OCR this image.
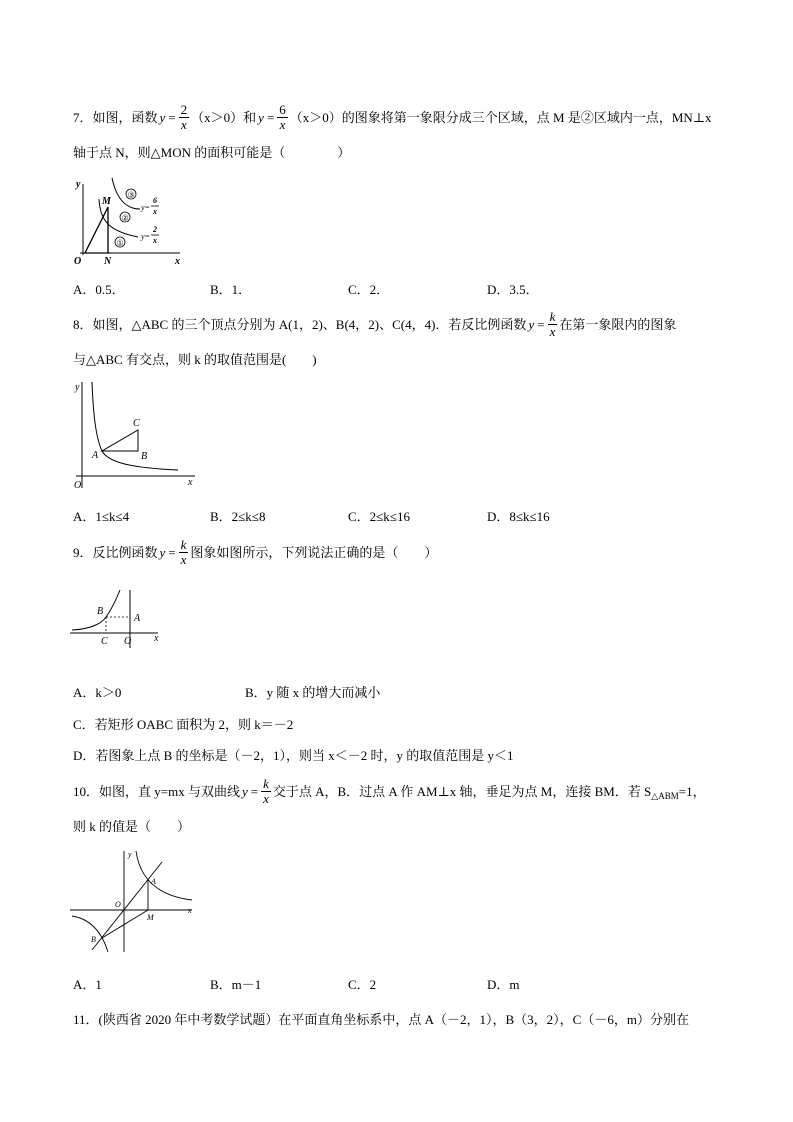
7．如图，函数 $y = \frac{2}{x} (x>0)$和 $y = \frac{6}{x} (x>0)$的图象将第一象限分成三个区域，点 M 是②区域内一点，MN⊥x
轴于点 N，则△MON 的面积可能是（　　　　）
y
x
O N
M
③
②
①
y=
6
x
y=
2
x
A．0.5．	B．1．	C．2．	D．3.5．
8．如图，△ABC 的三个顶点分别为 A(1，2)、B(4，2)、C(4，4)．若反比例函数 $y = \frac{k}{x}$ 在第一象限内的图象
与△ABC 有交点，则 k 的取值范围是(　　)
y
x
O
A	B
C
A．1≤k≤4	B．2≤k≤8	C．2≤k≤16	D．8≤k≤16
9．反比例函数 $y = \frac{k}{x}$ 图象如图所示，下列说法正确的是（　　）
B
A
C O x
A．k＞0	B．y 随 x 的增大而减小
C．若矩形 OABC 面积为 2，则 k＝－2
D．若图象上点 B 的坐标是（－2，1），则当 x＜－2 时，y 的取值范围是 y＜1
10．如图，直 y=mx 与双曲线 $y = \frac{k}{x}$ 交于点 A，B．过点 A 作 AM⊥x 轴，垂足为点 M，连接 BM．若 S △ABM =1，
则 k 的值是（　　）
y
x
O
A
M
B
A．1	B．m－1	C．2	D．m
11．(陕西省 2020 年中考数学试题）在平面直角坐标系中，点 A（－2，1），B（3，2），C（－6，m）分别在
